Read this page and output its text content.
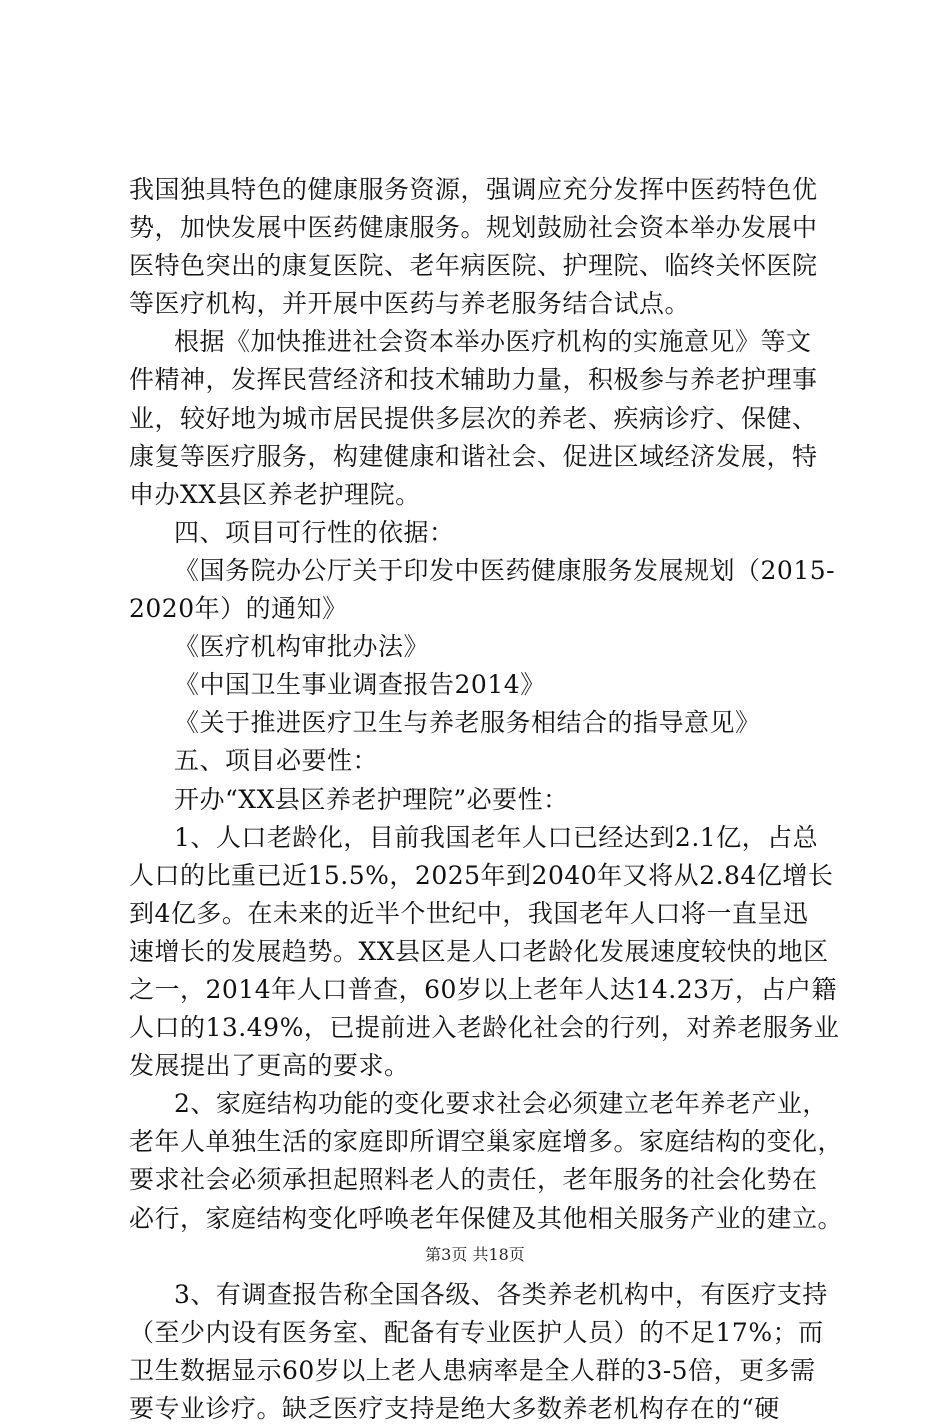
我国独具特色的健康服务资源，强调应充分发挥中医药特色优
势，加快发展中医药健康服务。规划鼓励社会资本举办发展中
医特色突出的康复医院、老年病医院、护理院、临终关怀医院
等医疗机构，并开展中医药与养老服务结合试点。
根据《加快推进社会资本举办医疗机构的实施意见》等文
件精神，发挥民营经济和技术辅助力量，积极参与养老护理事
业，较好地为城市居民提供多层次的养老、疾病诊疗、保健、
康复等医疗服务，构建健康和谐社会、促进区域经济发展，特
申办XX县区养老护理院。
四、项目可行性的依据：
《国务院办公厅关于印发中医药健康服务发展规划（2015-
2020年）的通知》
《医疗机构审批办法》
《中国卫生事业调查报告2014》
《关于推进医疗卫生与养老服务相结合的指导意见》
五、项目必要性：
开办“XX县区养老护理院”必要性：
1、人口老龄化，目前我国老年人口已经达到2.1亿，占总
人口的比重已近15.5%，2025年到2040年又将从2.84亿增长
到4亿多。在未来的近半个世纪中，我国老年人口将一直呈迅
速增长的发展趋势。XX县区是人口老龄化发展速度较快的地区
之一，2014年人口普查，60岁以上老年人达14.23万，占户籍
人口的13.49%，已提前进入老龄化社会的行列，对养老服务业
发展提出了更高的要求。
2、家庭结构功能的变化要求社会必须建立老年养老产业，
老年人单独生活的家庭即所谓空巢家庭增多。家庭结构的变化，
要求社会必须承担起照料老人的责任，老年服务的社会化势在
必行，家庭结构变化呼唤老年保健及其他相关服务产业的建立。
3、有调查报告称全国各级、各类养老机构中，有医疗支持
（至少内设有医务室、配备有专业医护人员）的不足17%；而
卫生数据显示60岁以上老人患病率是全人群的3-5倍，更多需
要专业诊疗。缺乏医疗支持是绝大多数养老机构存在的“硬
第3页 共18页
